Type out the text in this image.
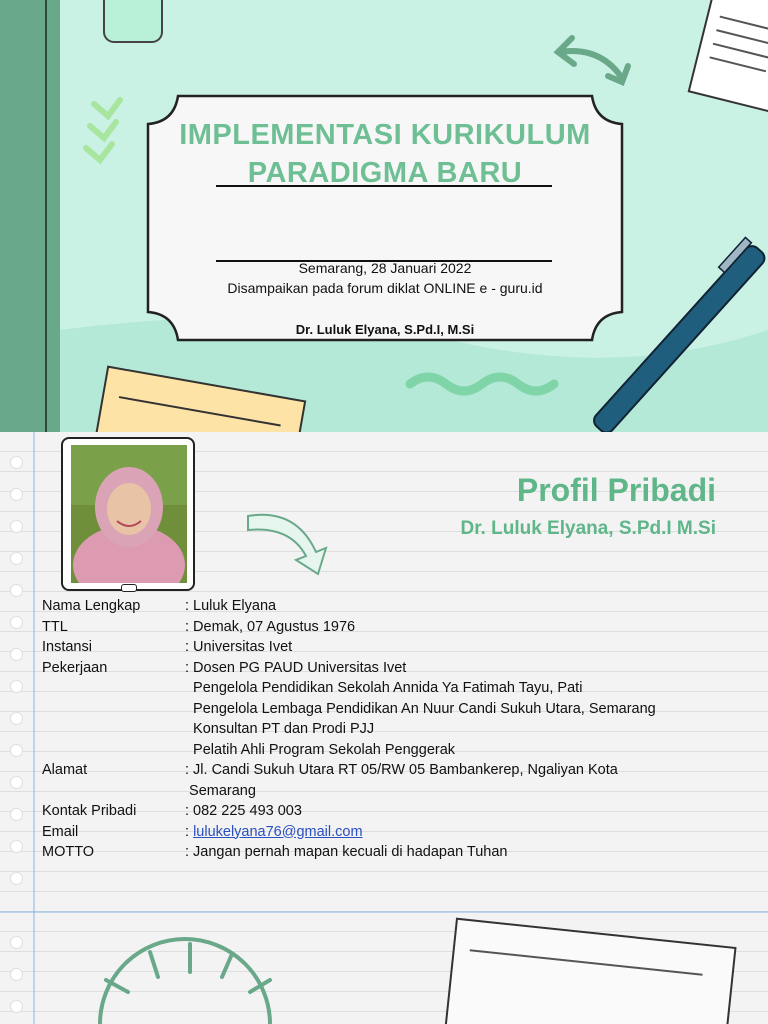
IMPLEMENTASI KURIKULUM
PARADIGMA BARU
Semarang, 28 Januari 2022
Disampaikan pada forum diklat ONLINE e - guru.id
Dr. Luluk Elyana, S.Pd.I, M.Si
Profil Pribadi
Dr. Luluk Elyana, S.Pd.I M.Si
Nama Lengkap	: Luluk Elyana
TTL	: Demak, 07 Agustus 1976
Instansi	: Universitas Ivet
Pekerjaan	: Dosen PG PAUD Universitas Ivet
Pengelola Pendidikan Sekolah Annida Ya Fatimah Tayu, Pati
Pengelola Lembaga Pendidikan An Nuur Candi Sukuh Utara, Semarang
Konsultan PT dan Prodi PJJ
Pelatih Ahli Program Sekolah Penggerak
Alamat	: Jl. Candi Sukuh Utara RT 05/RW 05 Bambankerep, Ngaliyan Kota
Semarang
Kontak Pribadi	: 082 225 493 003
Email	: lulukelyana76@gmail.com
MOTTO	: Jangan pernah mapan kecuali di hadapan Tuhan
